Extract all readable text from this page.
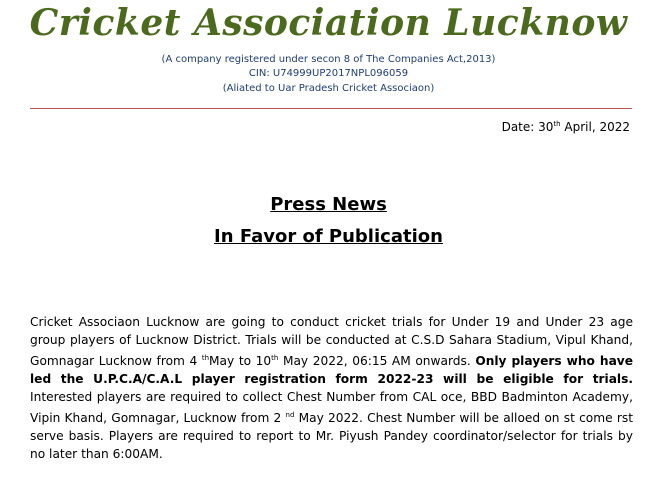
Cricket Association Lucknow
(A company registered under secon 8 of The Companies Act,2013)
CIN: U74999UP2017NPL096059
(Aliated to Uar Pradesh Cricket Associaon)
Date: 30th April, 2022
Press News
In Favor of Publication
Cricket Associaon Lucknow are going to conduct cricket trials for Under 19 and Under 23 age group players of Lucknow District. Trials will be conducted at C.S.D Sahara Stadium, Vipul Khand, Gomnagar Lucknow from 4 $^{th}$May to 10th May 2022, 06:15 AM onwards. Only players who have led the U.P.C.A/C.A.L player registration form 2022-23 will be eligible for trials. Interested players are required to collect Chest Number from CAL oce, BBD Badminton Academy, Vipin Khand, Gomnagar, Lucknow from 2 $^{nd}$ May 2022. Chest Number will be alloed on st come rst serve basis. Players are required to report to Mr. Piyush Pandey coordinator/selector for trials by no later than 6:00AM.
